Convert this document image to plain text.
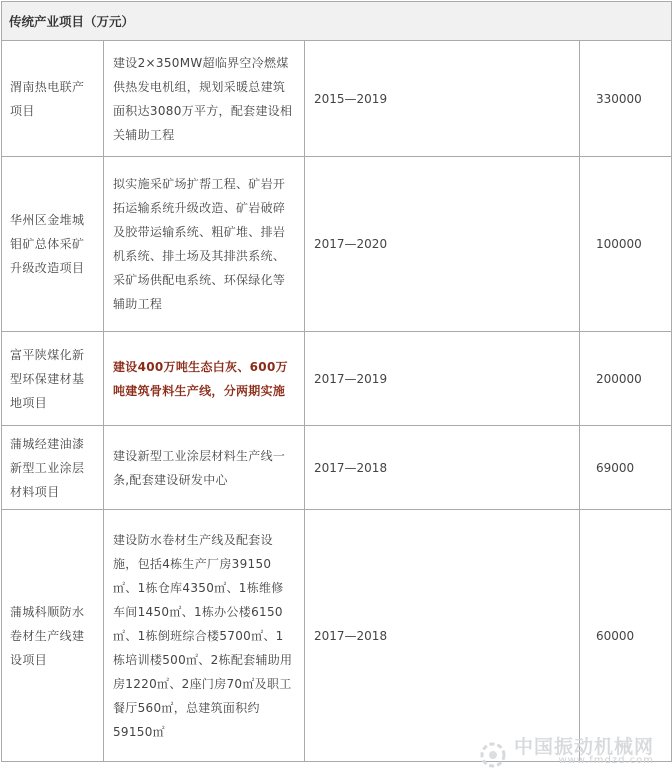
传统产业项目（万元）			
渭南热电联产项目	建设2×350MW超临界空冷燃煤供热发电机组，规划采暖总建筑面积达3080万平方，配套建设相关辅助工程	2015—2019	330000
华州区金堆城钼矿总体采矿升级改造项目	拟实施采矿场扩帮工程、矿岩开拓运输系统升级改造、矿岩破碎及胶带运输系统、粗矿堆、排岩机系统、排土场及其排洪系统、采矿场供配电系统、环保绿化等辅助工程	2017—2020	100000
富平陕煤化新型环保建材基地项目	建设400万吨生态白灰、600万吨建筑骨料生产线，分两期实施	2017—2019	200000
蒲城经建油漆新型工业涂层材料项目	建设新型工业涂层材料生产线一条,配套建设研发中心	2017—2018	69000
蒲城科顺防水卷材生产线建设项目	建设防水卷材生产线及配套设施，包括4栋生产厂房39150㎡、1栋仓库4350㎡、1栋维修车间1450㎡、1栋办公楼6150㎡、1栋倒班综合楼5700㎡、1栋培训楼500㎡、2栋配套辅助用房1220㎡、2座门房70㎡及职工餐厅560㎡，总建筑面积约59150㎡	2017—2018	60000
中国振动机械网
www.fmdzd.com
